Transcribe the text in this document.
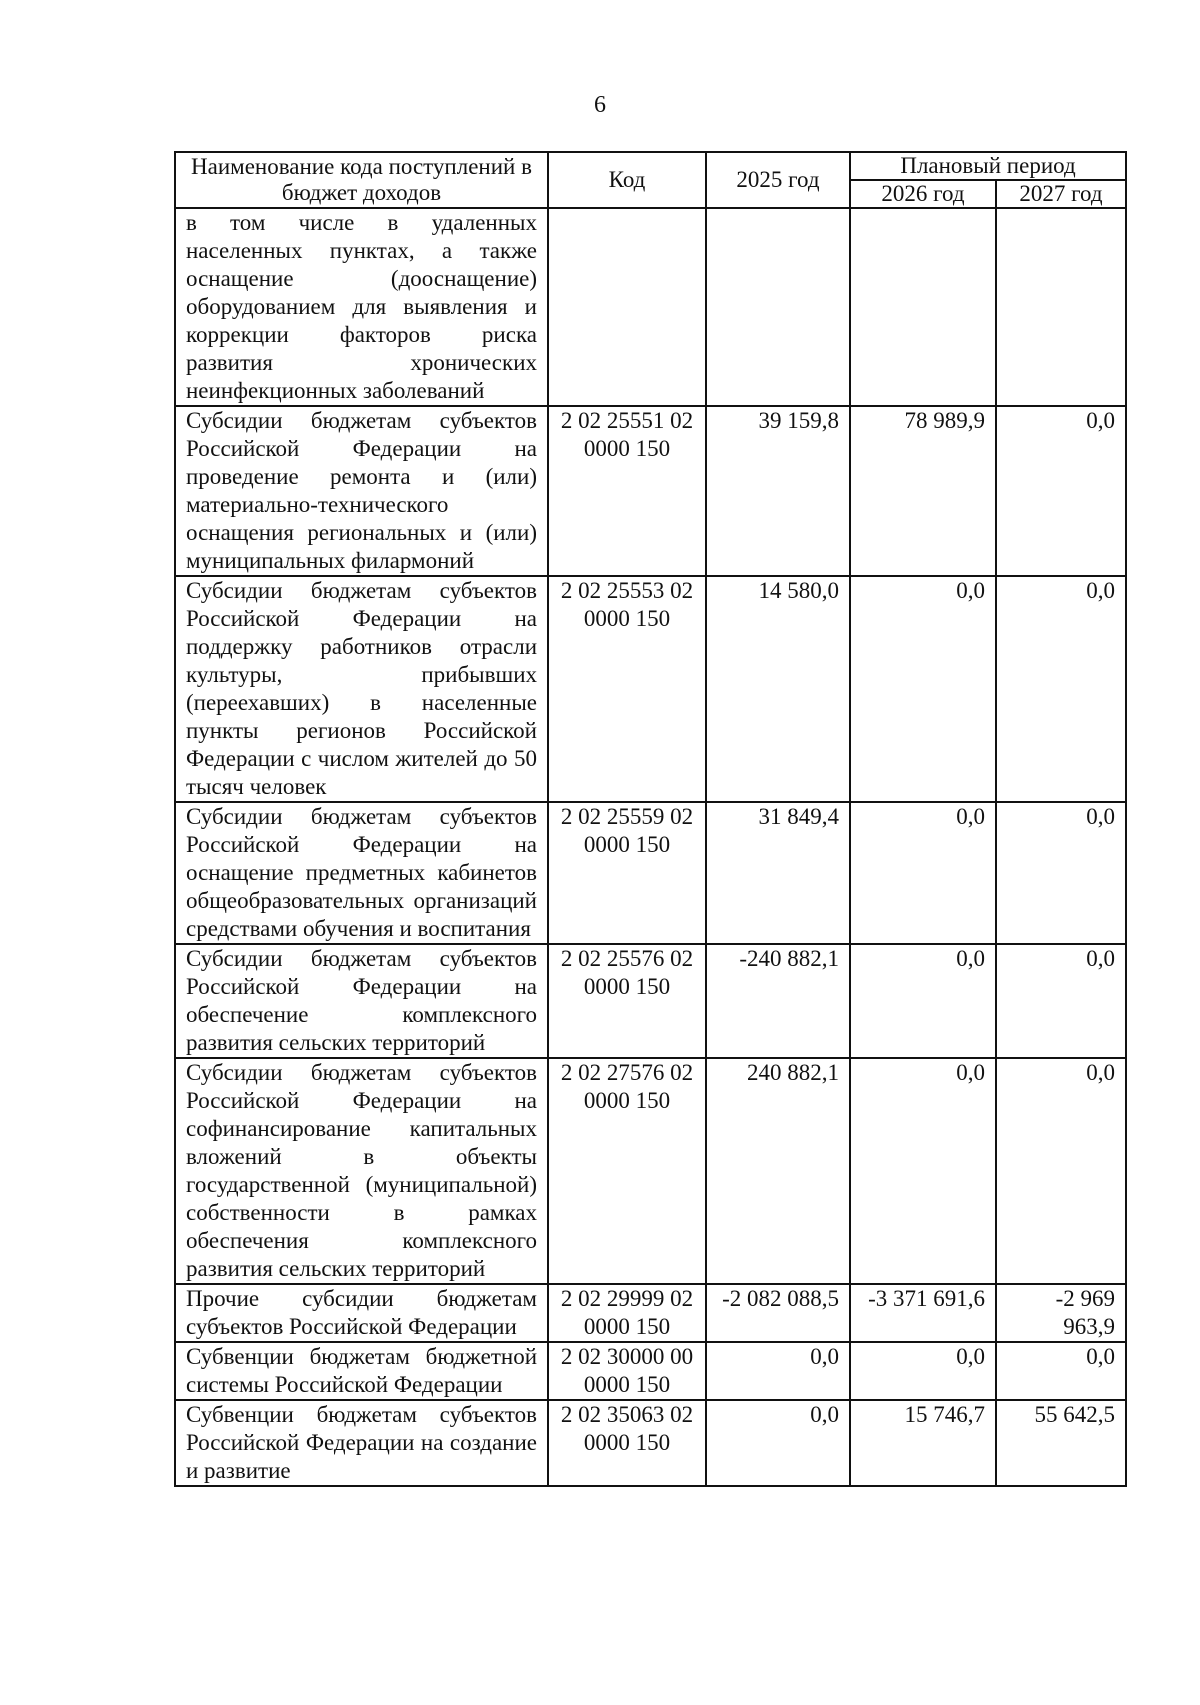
6
Наименование кода поступлений в бюджет доходов	Код	2025 год	Плановый период	
			2026 год	2027 год
в том числе в удаленных населенных пунктах, а также оснащение (дооснащение) оборудованием для выявления и коррекции факторов риска развития хронических неинфекционных заболеваний				
Субсидии бюджетам субъектов Российской Федерации на проведение ремонта и (или) материально-технического оснащения региональных и (или) муниципальных филармоний	2 02 25551 02 0000 150	39 159,8	78 989,9	0,0
Субсидии бюджетам субъектов Российской Федерации на поддержку работников отрасли культуры, прибывших (переехавших) в населенные пункты регионов Российской Федерации с числом жителей до 50 тысяч человек	2 02 25553 02 0000 150	14 580,0	0,0	0,0
Субсидии бюджетам субъектов Российской Федерации на оснащение предметных кабинетов общеобразовательных организаций средствами обучения и воспитания	2 02 25559 02 0000 150	31 849,4	0,0	0,0
Субсидии бюджетам субъектов Российской Федерации на обеспечение комплексного развития сельских территорий	2 02 25576 02 0000 150	-240 882,1	0,0	0,0
Субсидии бюджетам субъектов Российской Федерации на софинансирование капитальных вложений в объекты государственной (муниципальной) собственности в рамках обеспечения комплексного развития сельских территорий	2 02 27576 02 0000 150	240 882,1	0,0	0,0
Прочие субсидии бюджетам субъектов Российской Федерации	2 02 29999 02 0000 150	-2 082 088,5	-3 371 691,6	-2 969 963,9
Субвенции бюджетам бюджетной системы Российской Федерации	2 02 30000 00 0000 150	0,0	0,0	0,0
Субвенции бюджетам субъектов Российской Федерации на создание и развитие	2 02 35063 02 0000 150	0,0	15 746,7	55 642,5
